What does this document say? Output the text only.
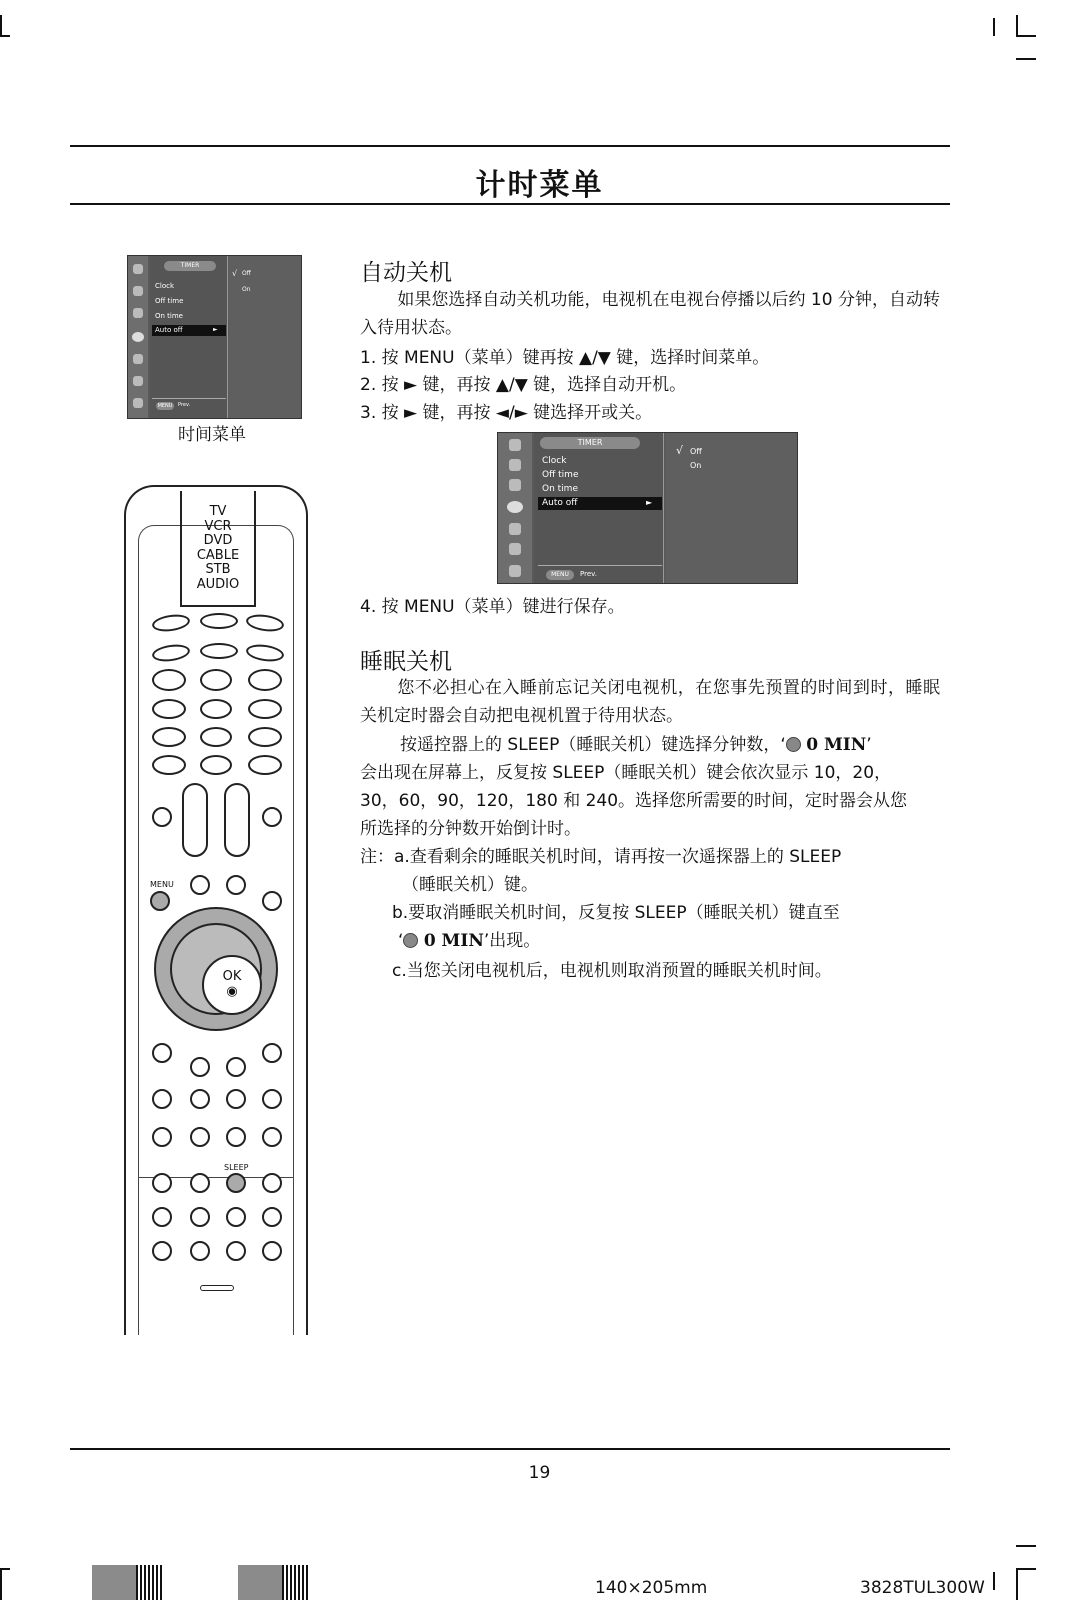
计时菜单
TIMER
Clock
Off time
On time
Auto off	►
MENU	Prev.
√ Off
On
时间菜单
TV
VCR
DVD
CABLE
STB
AUDIO
MENU
OK
◉
SLEEP
自动关机
如果您选择自动关机功能，电视机在电视台停播以后约 10 分钟，自动转入待用状态。
1. 按 MENU（菜单）键再按 ▲/▼ 键，选择时间菜单。
2. 按 ► 键，再按 ▲/▼ 键，选择自动开机。
3. 按 ► 键，再按 ◄/► 键选择开或关。
TIMER
Clock
Off time
On time
Auto off	►
MENU	Prev.
√ Off
On
4. 按 MENU（菜单）键进行保存。
睡眠关机
您不必担心在入睡前忘记关闭电视机，在您事先预置的时间到时，睡眠关机定时器会自动把电视机置于待用状态。
按遥控器上的 SLEEP（睡眠关机）键选择分钟数，‘ 0 MIN’
会出现在屏幕上，反复按 SLEEP（睡眠关机）键会依次显示 10，20，
30，60，90，120，180 和 240。选择您所需要的时间，定时器会从您
所选择的分钟数开始倒计时。
注：a.查看剩余的睡眠关机时间，请再按一次遥探器上的 SLEEP
（睡眠关机）键。
b.要取消睡眠关机时间，反复按 SLEEP（睡眠关机）键直至
‘ 0 MIN’出现。
c.当您关闭电视机后，电视机则取消预置的睡眠关机时间。
19
140×205mm	3828TUL300W
